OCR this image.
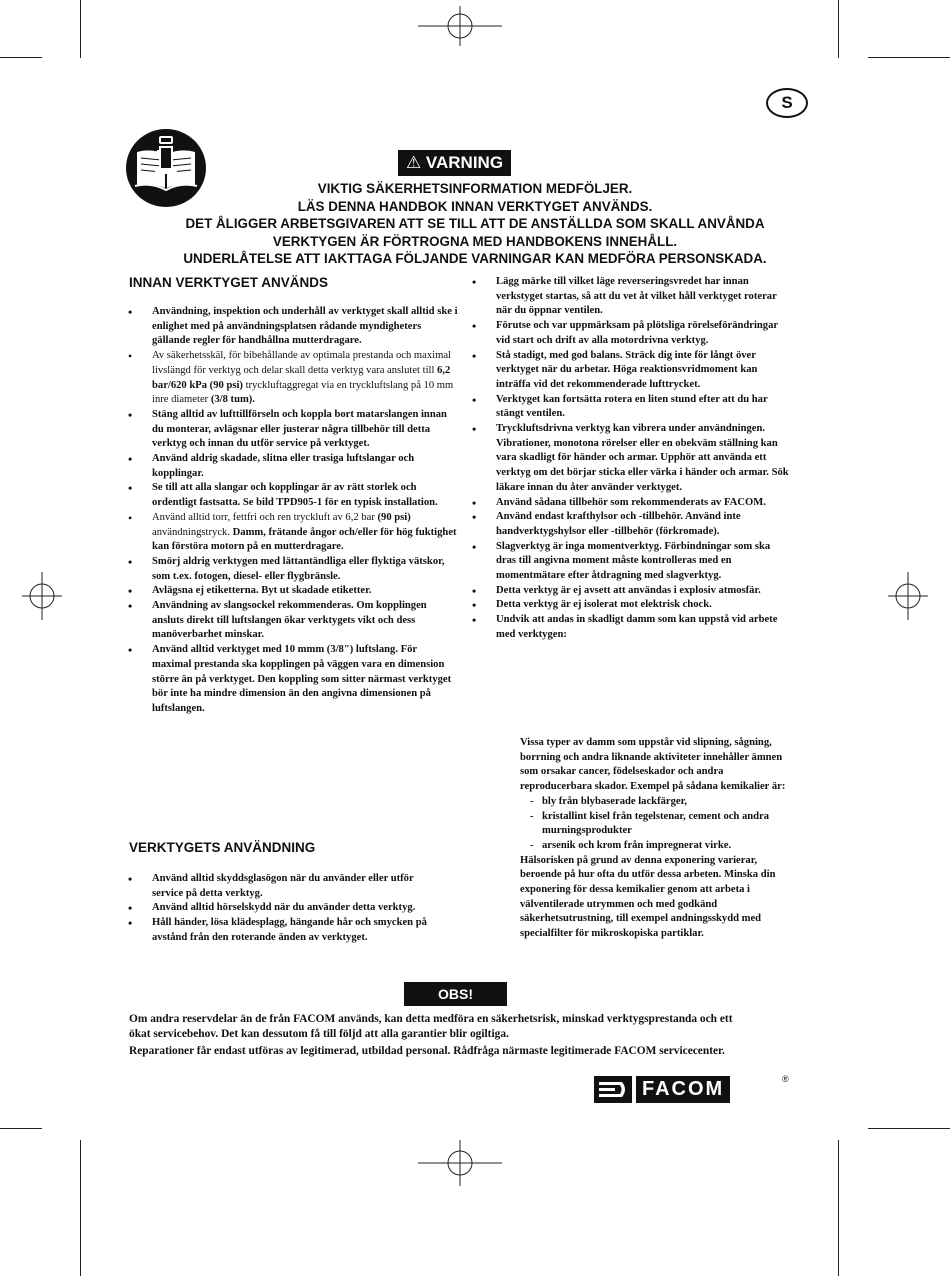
S
⚠ VARNING
VIKTIG SÄKERHETSINFORMATION MEDFÖLJER.
LÄS DENNA HANDBOK INNAN VERKTYGET ANVÄNDS.
DET ÅLIGGER ARBETSGIVAREN ATT SE TILL ATT DE ANSTÄLLDA SOM SKALL ANVÅNDA
VERKTYGEN ÄR FÖRTROGNA MED HANDBOKENS INNEHÅLL.
UNDERLÅTELSE ATT IAKTTAGA FÖLJANDE VARNINGAR KAN MEDFÖRA PERSONSKADA.
INNAN VERKTYGET ANVÄNDS
• Användning, inspektion och underhåll av verktyget skall alltid ske i enlighet med på användningsplatsen rådande myndigheters gällande regler för handhållna mutterdragare.
• Av säkerhetsskäl, för bibehållande av optimala prestanda och maximal livslängd för verktyg och delar skall detta verktyg vara anslutet till 6,2 bar/620 kPa (90 psi) tryckluftaggregat via en tryckluftslang på 10 mm inre diameter (3/8 tum).
• Stäng alltid av lufttillförseln och koppla bort matarslangen innan du monterar, avlägsnar eller justerar några tillbehör till detta verktyg och innan du utför service på verktyget.
• Använd aldrig skadade, slitna eller trasiga luftslangar och kopplingar.
• Se till att alla slangar och kopplingar är av rätt storlek och ordentligt fastsatta. Se bild TPD905-1 för en typisk installation.
• Använd alltid torr, fettfri och ren tryckluft av 6,2 bar (90 psi) användningstryck. Damm, frätande ångor och/eller för hög fuktighet kan förstöra motorn på en mutterdragare.
• Smörj aldrig verktygen med lättantändliga eller flyktiga vätskor, som t.ex. fotogen, diesel- eller flygbränsle.
• Avlägsna ej etiketterna. Byt ut skadade etiketter.
• Användning av slangsockel rekommenderas. Om kopplingen ansluts direkt till luftslangen ökar verktygets vikt och dess manöverbarhet minskar.
• Använd alltid verktyget med 10 mmm (3/8") luftslang. För maximal prestanda ska kopplingen på väggen vara en dimension större än på verktyget. Den koppling som sitter närmast verktyget bör inte ha mindre dimension än den angivna dimensionen på luftslangen.
VERKTYGETS ANVÄNDNING
• Använd alltid skyddsglasögon när du använder eller utför service på detta verktyg.
• Använd alltid hörselskydd när du använder detta verktyg.
• Håll händer, lösa klädesplagg, hängande hår och smycken på avstånd från den roterande änden av verktyget.
• Lägg märke till vilket läge reverseringsvredet har innan verkstyget startas, så att du vet åt vilket håll verktyget roterar när du öppnar ventilen.
• Förutse och var uppmärksam på plötsliga rörelseförändringar vid start och drift av alla motordrivna verktyg.
• Stå stadigt, med god balans. Sträck dig inte för långt över verktyget när du arbetar. Höga reaktionsvridmoment kan inträffa vid det rekommenderade lufttrycket.
• Verktyget kan fortsätta rotera en liten stund efter att du har stängt ventilen.
• Tryckluftsdrivna verktyg kan vibrera under användningen. Vibrationer, monotona rörelser eller en obekväm ställning kan vara skadligt för händer och armar. Upphör att använda ett verktyg om det börjar sticka eller värka i händer och armar. Sök läkare innan du åter använder verktyget.
• Använd sådana tillbehör som rekommenderats av FACOM.
• Använd endast krafthylsor och -tillbehör. Använd inte handverktygshylsor eller -tillbehör (förkromade).
• Slagverktyg är inga momentverktyg. Förbindningar som ska dras till angivna moment måste kontrolleras med en momentmätare efter åtdragning med slagverktyg.
• Detta verktyg är ej avsett att användas i explosiv atmosfär.
• Detta verktyg är ej isolerat mot elektrisk chock.
• Undvik att andas in skadligt damm som kan uppstå vid arbete med verktygen:
Vissa typer av damm som uppstår vid slipning, sågning, borrning och andra liknande aktiviteter innehåller ämnen som orsakar cancer, födelseskador och andra reproducerbara skador. Exempel på sådana kemikalier är:
- bly från blybaserade lackfärger,
- kristallint kisel från tegelstenar, cement och andra murningsprodukter
- arsenik och krom från impregnerat virke.
Hälsorisken på grund av denna exponering varierar, beroende på hur ofta du utför dessa arbeten. Minska din exponering för dessa kemikalier genom att arbeta i välventilerade utrymmen och med godkänd säkerhetsutrustning, till exempel andningsskydd med specialfilter för mikroskopiska partiklar.
OBS!
Om andra reservdelar än de från FACOM används, kan detta medföra en säkerhetsrisk, minskad verktygsprestanda och ett ökat servicebehov. Det kan dessutom få till följd att alla garantier blir ogiltiga.
Reparationer får endast utföras av legitimerad, utbildad personal. Rådfråga närmaste legitimerade FACOM servicecenter.
FACOM	®
